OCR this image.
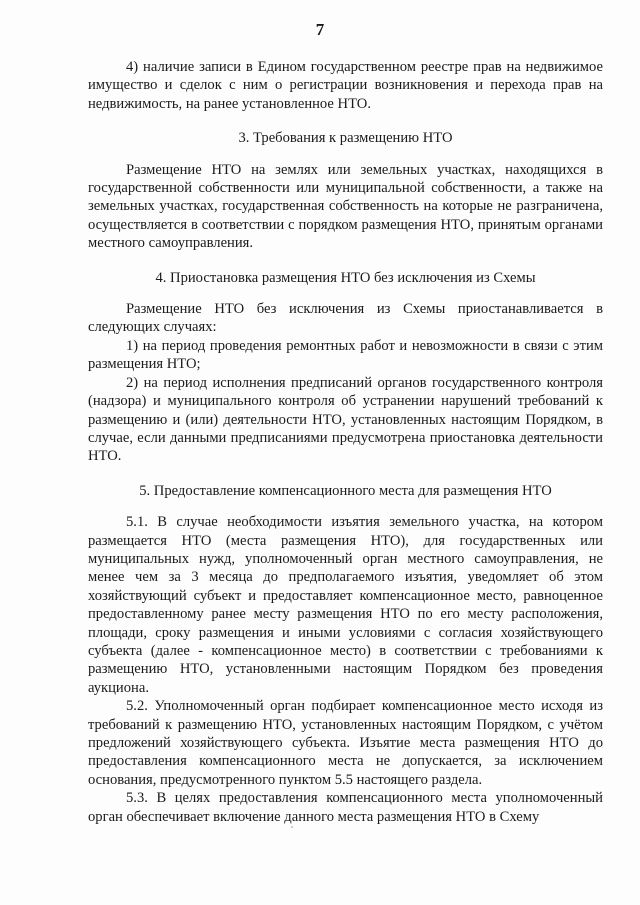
7

4) наличие записи в Едином государственном реестре прав на недвижимое имущество и сделок с ним о регистрации возникновения и перехода прав на недвижимость, на ранее установленное НТО.

3. Требования к размещению НТО

Размещение НТО на землях или земельных участках, находящихся в государственной собственности или муниципальной собственности, а также на земельных участках, государственная собственность на которые не разграничена, осуществляется в соответствии с порядком размещения НТО, принятым органами местного самоуправления.

4. Приостановка размещения НТО без исключения из Схемы

Размещение НТО без исключения из Схемы приостанавливается в следующих случаях:

1) на период проведения ремонтных работ и невозможности в связи с этим размещения НТО;

2) на период исполнения предписаний органов государственного контроля (надзора) и муниципального контроля об устранении нарушений требований к размещению и (или) деятельности НТО, установленных настоящим Порядком, в случае, если данными предписаниями предусмотрена приостановка деятельности НТО.

5. Предоставление компенсационного места для размещения НТО

5.1. В случае необходимости изъятия земельного участка, на котором размещается НТО (места размещения НТО), для государственных или муниципальных нужд, уполномоченный орган местного самоуправления, не менее чем за 3 месяца до предполагаемого изъятия, уведомляет об этом хозяйствующий субъект и предоставляет компенсационное место, равноценное предоставленному ранее месту размещения НТО по его месту расположения, площади, сроку размещения и иными условиями с согласия хозяйствующего субъекта (далее - компенсационное место) в соответствии с требованиями к размещению НТО, установленными настоящим Порядком без проведения аукциона.

5.2. Уполномоченный орган подбирает компенсационное место исходя из требований к размещению НТО, установленных настоящим Порядком, с учётом предложений хозяйствующего субъекта. Изъятие места размещения НТО до предоставления компенсационного места не допускается, за исключением основания, предусмотренного пунктом 5.5 настоящего раздела.

5.3. В целях предоставления компенсационного места уполномоченный орган обеспечивает включение данного места размещения НТО в Схему
